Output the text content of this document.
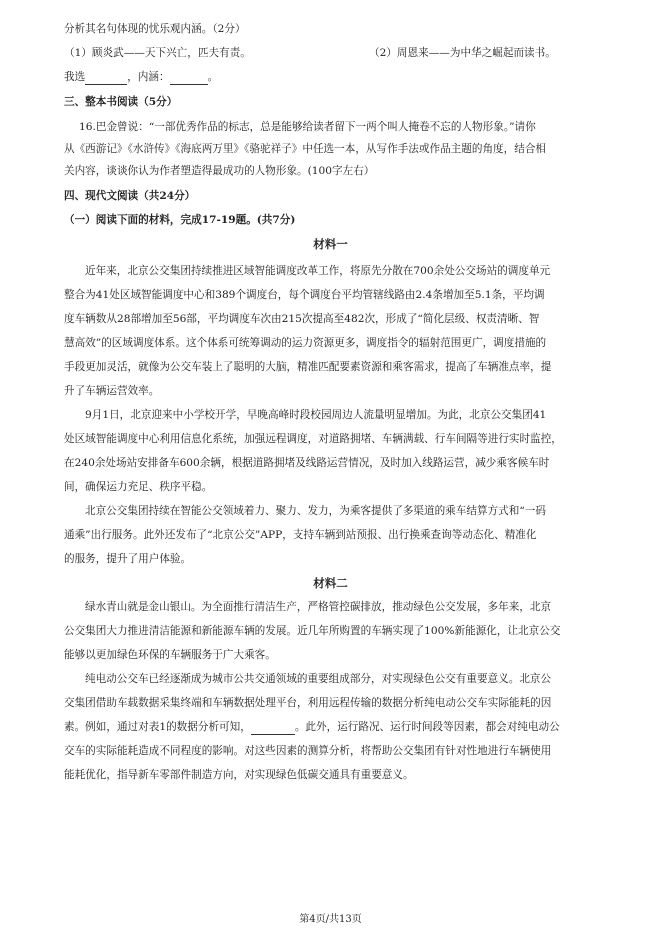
分析其名句体现的忧乐观内涵。（2分）
（1）顾炎武——天下兴亡，匹夫有责。	（2）周恩来——为中华之崛起而读书。
我选	，内涵：	。
三、整本书阅读（5分）
16.巴金曾说：“一部优秀作品的标志，总是能够给读者留下一两个叫人掩卷不忘的人物形象。”请你
从《西游记》《水浒传》《海底两万里》《骆驼祥子》中任选一本，从写作手法或作品主题的角度，结合相
关内容，谈谈你认为作者塑造得最成功的人物形象。(100字左右）
四、现代文阅读（共24分）
（一）阅读下面的材料，完成17-19题。(共7分)
材料一
近年来，北京公交集团持续推进区域智能调度改革工作，将原先分散在700余处公交场站的调度单元
整合为41处区域智能调度中心和389个调度台，每个调度台平均管辖线路由2.4条增加至5.1条，平均调
度车辆数从28部增加至56部，平均调度车次由215次提高至482次，形成了“简化层级、权责清晰、智
慧高效”的区域调度体系。这个体系可统筹调动的运力资源更多，调度指令的辐射范围更广，调度措施的
手段更加灵活，就像为公交车装上了聪明的大脑，精准匹配要素资源和乘客需求，提高了车辆准点率，提
升了车辆运营效率。
9月1日，北京迎来中小学校开学，早晚高峰时段校园周边人流量明显增加。为此，北京公交集团41
处区域智能调度中心利用信息化系统，加强远程调度，对道路拥堵、车辆满载、行车间隔等进行实时监控，
在240余处场站安排备车600余辆，根据道路拥堵及线路运营情况，及时加入线路运营，减少乘客候车时
间，确保运力充足、秩序平稳。
北京公交集团持续在智能公交领域着力、聚力、发力，为乘客提供了多渠道的乘车结算方式和“一码
通乘”出行服务。此外还发布了“北京公交”APP，支持车辆到站预报、出行换乘查询等动态化、精准化
的服务，提升了用户体验。
材料二
绿水青山就是金山银山。为全面推行清洁生产，严格管控碳排放，推动绿色公交发展，多年来，北京
公交集团大力推进清洁能源和新能源车辆的发展。近几年所购置的车辆实现了100%新能源化，让北京公交
能够以更加绿色环保的车辆服务于广大乘客。
纯电动公交车已经逐渐成为城市公共交通领域的重要组成部分，对实现绿色公交有重要意义。北京公
交集团借助车载数据采集终端和车辆数据处理平台，利用远程传输的数据分析纯电动公交车实际能耗的因
素。例如，通过对表1的数据分析可知，	。此外，运行路况、运行时间段等因素，都会对纯电动公
交车的实际能耗造成不同程度的影响。对这些因素的测算分析，将帮助公交集团有针对性地进行车辆使用
能耗优化，指导新车零部件制造方向，对实现绿色低碳交通具有重要意义。
第4页/共13页
